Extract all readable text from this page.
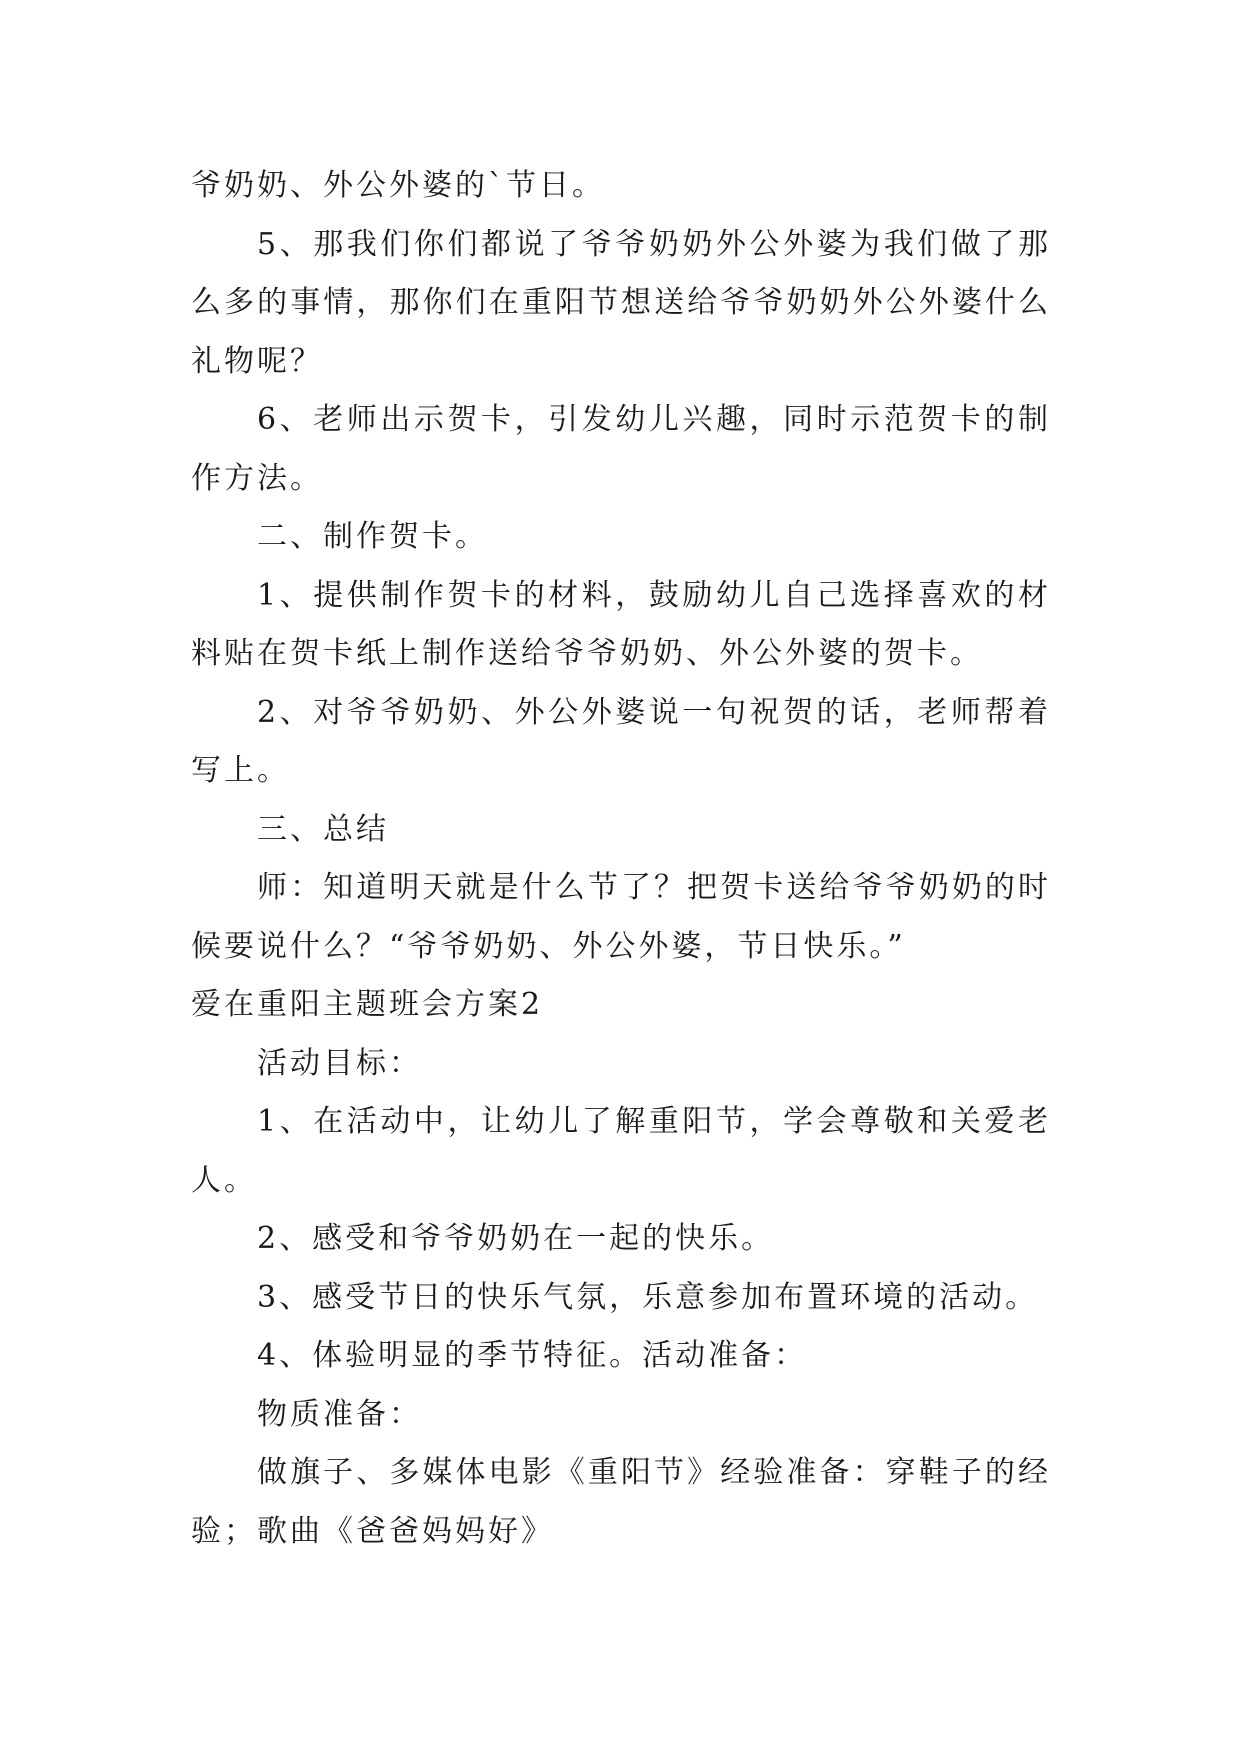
爷奶奶、外公外婆的`节日。

5、那我们你们都说了爷爷奶奶外公外婆为我们做了那么多的事情，那你们在重阳节想送给爷爷奶奶外公外婆什么礼物呢？

6、老师出示贺卡，引发幼儿兴趣，同时示范贺卡的制作方法。

二、制作贺卡。

1、提供制作贺卡的材料，鼓励幼儿自己选择喜欢的材料贴在贺卡纸上制作送给爷爷奶奶、外公外婆的贺卡。

2、对爷爷奶奶、外公外婆说一句祝贺的话，老师帮着写上。

三、总结

师：知道明天就是什么节了？把贺卡送给爷爷奶奶的时候要说什么？“爷爷奶奶、外公外婆，节日快乐。”

爱在重阳主题班会方案2

活动目标：

1、在活动中，让幼儿了解重阳节，学会尊敬和关爱老人。

2、感受和爷爷奶奶在一起的快乐。

3、感受节日的快乐气氛，乐意参加布置环境的活动。

4、体验明显的季节特征。活动准备：

物质准备：

做旗子、多媒体电影《重阳节》经验准备：穿鞋子的经验；歌曲《爸爸妈妈好》
